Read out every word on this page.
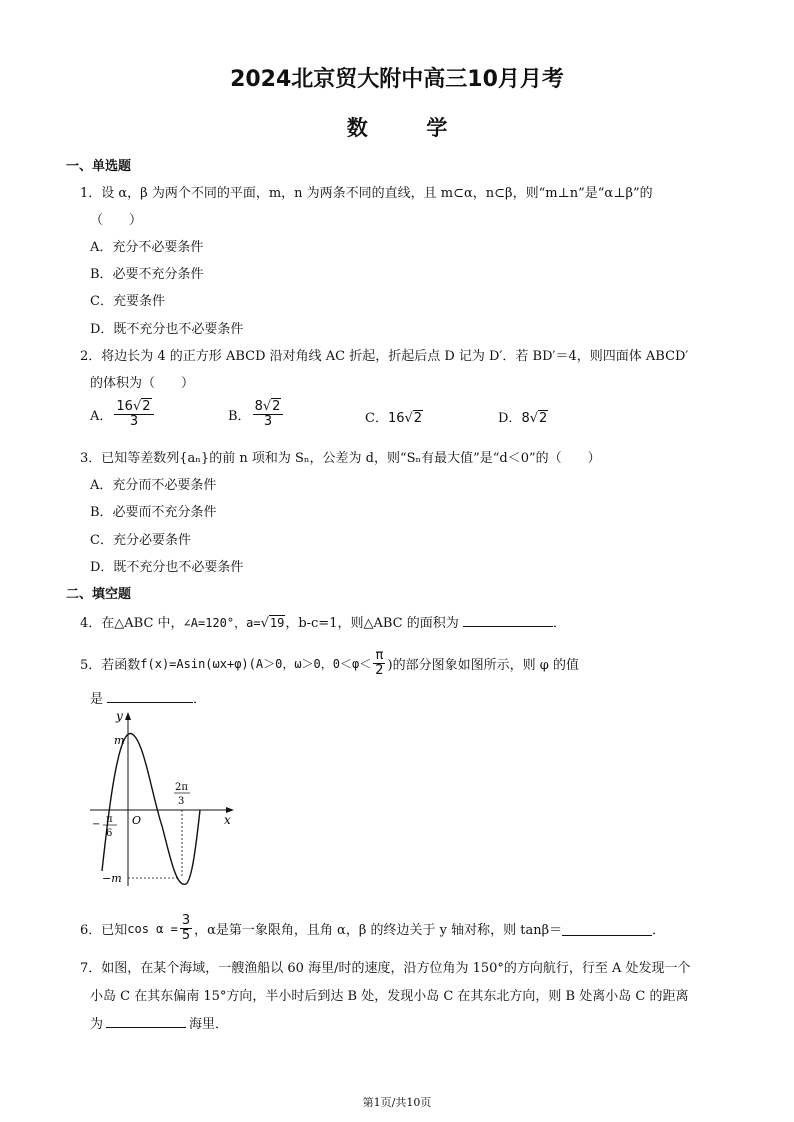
2024北京贸大附中高三10月月考
数	学
一、单选题
1．设 α，β 为两个不同的平面，m，n 为两条不同的直线，且 m⊂α，n⊂β，则“m⊥n”是“α⊥β”的
（　　）
A．充分不必要条件
B．必要不充分条件
C．充要条件
D．既不充分也不必要条件
2．将边长为 4 的正方形 ABCD 沿对角线 AC 折起，折起后点 D 记为 D′．若 BD′＝4，则四面体 ABCD′
的体积为（　　）
A． $\frac{16√2}{3}$	B． $\frac{8√2}{3}$	C．16√2	D．8√2
3．已知等差数列{aₙ}的前 n 项和为 Sₙ，公差为 d，则“Sₙ有最大值”是“d＜0”的（　　）
A．充分而不必要条件
B．必要而不充分条件
C．充分必要条件
D．既不充分也不必要条件
二、填空题
4．在△ABC 中，∠A=120°，a=√19，b-c=1，则△ABC 的面积为	．
5．若函数 f(x)=Asin(ωx+φ)(A＞0，ω＞0，$0<\varphi< \frac{\pi}{2}$ )的部分图象如图所示，则 φ 的值
是	．
y
x
O
m
−m
− π
6
2π
3
6．已知 $\cos \alpha = \frac{3}{5}$ ，α是第一象限角，且角 α，β 的终边关于 y 轴对称，则 tanβ＝	．
7．如图，在某个海域，一艘渔船以 60 海里/时的速度，沿方位角为 150°的方向航行，行至 A 处发现一个
小岛 C 在其东偏南 15°方向，半小时后到达 B 处，发现小岛 C 在其东北方向，则 B 处离小岛 C 的距离
为	海里．
第1页/共10页
